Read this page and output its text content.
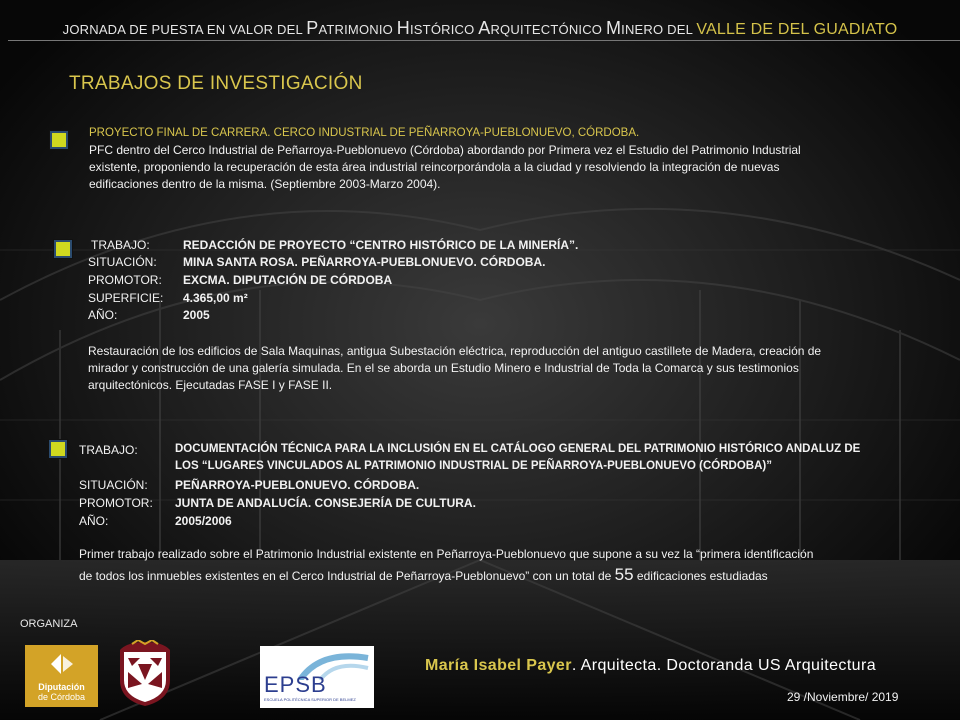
JORNADA DE PUESTA EN VALOR DEL PATRIMONIO HISTÓRICO ARQUITECTÓNICO MINERO DEL VALLE DE DEL GUADIATO
TRABAJOS DE INVESTIGACIÓN
PROYECTO FINAL DE CARRERA. CERCO INDUSTRIAL DE PEÑARROYA-PUEBLONUEVO, CÓRDOBA.
PFC dentro del Cerco Industrial de Peñarroya-Pueblonuevo (Córdoba) abordando por Primera vez el Estudio del Patrimonio Industrial
existente, proponiendo la recuperación de esta área industrial reincorporándola a la ciudad y resolviendo la integración de nuevas
edificaciones dentro de la misma. (Septiembre 2003-Marzo 2004).
TRABAJO:	REDACCIÓN DE PROYECTO “CENTRO HISTÓRICO DE LA MINERÍA”.
SITUACIÓN: MINA SANTA ROSA. PEÑARROYA-PUEBLONUEVO. CÓRDOBA.
PROMOTOR: EXCMA. DIPUTACIÓN DE CÓRDOBA
SUPERFICIE: 4.365,00 m²
AÑO:	2005
Restauración de los edificios de Sala Maquinas, antigua Subestación eléctrica, reproducción del antiguo castillete de Madera, creación de
mirador y construcción de una galería simulada. En el se aborda un Estudio Minero e Industrial de Toda la Comarca y sus testimonios
arquitectónicos. Ejecutadas FASE I y FASE II.
TRABAJO:	DOCUMENTACIÓN TÉCNICA PARA LA INCLUSIÓN EN EL CATÁLOGO GENERAL DEL PATRIMONIO HISTÓRICO ANDALUZ DE
LOS “LUGARES VINCULADOS AL PATRIMONIO INDUSTRIAL DE PEÑARROYA-PUEBLONUEVO (CÓRDOBA)”
SITUACIÓN: PEÑARROYA-PUEBLONUEVO. CÓRDOBA.
PROMOTOR: JUNTA DE ANDALUCÍA. CONSEJERÍA DE CULTURA.
AÑO:	2005/2006
Primer trabajo realizado sobre el Patrimonio Industrial existente en Peñarroya-Pueblonuevo que supone a su vez la “primera identificación
de todos los inmuebles existentes en el Cerco Industrial de Peñarroya-Pueblonuevo” con un total de 55 edificaciones estudiadas
ORGANIZA
Diputación
de Córdoba	EPSB
ESCUELA POLITÉCNICA SUPERIOR DE BELMEZ
María Isabel Payer. Arquitecta. Doctoranda US Arquitectura
29 /Noviembre/ 2019
